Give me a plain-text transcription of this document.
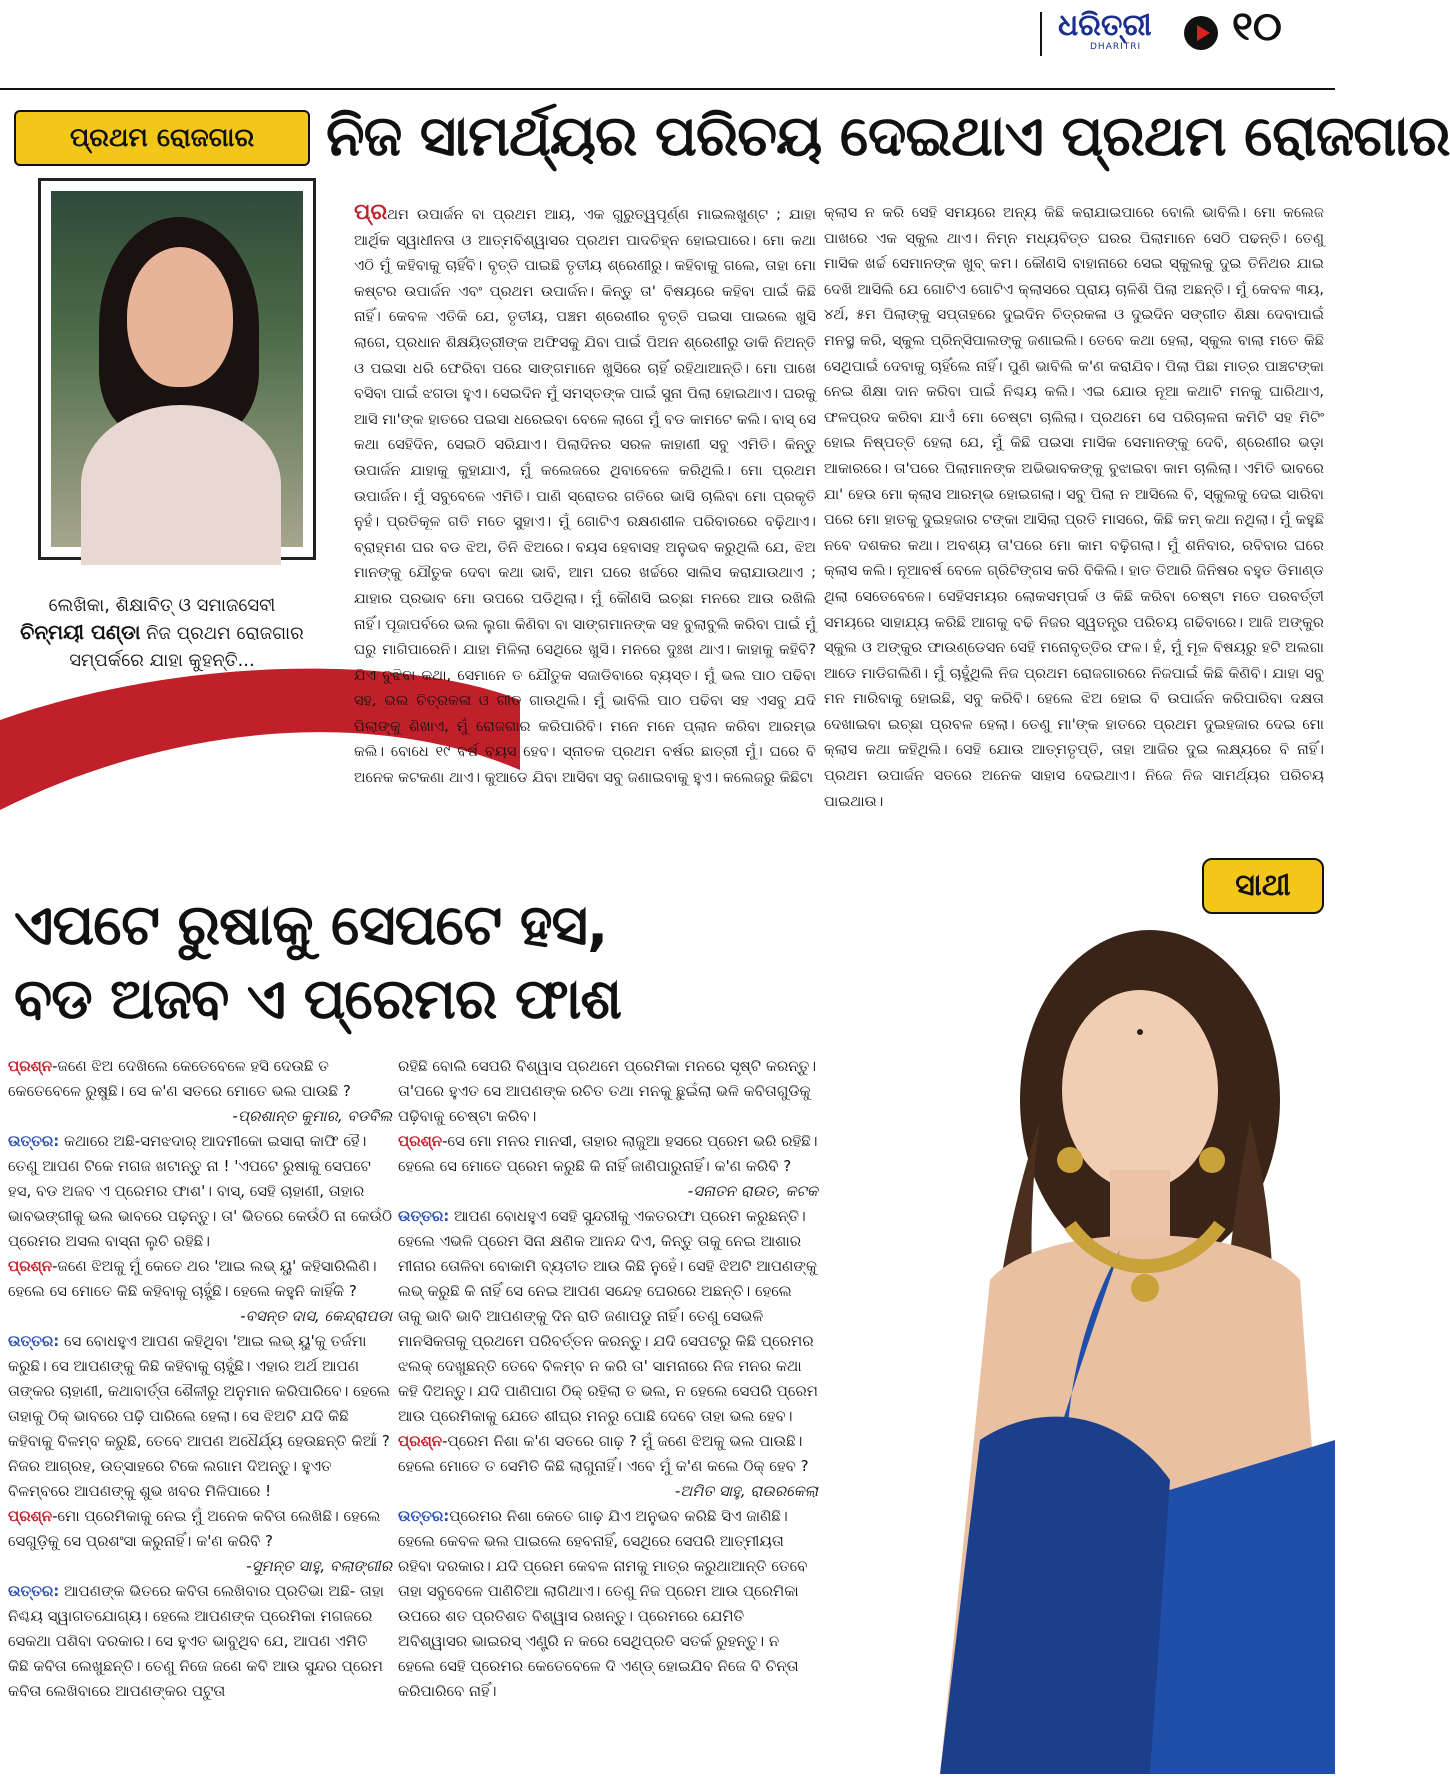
ଛୁ ଟି ଦି ନ	ଧରିତ୍ରୀ
DHARITRI ୧୦
ପ୍ରଥମ ରୋଜଗାର	ନିଜ ସାମର୍ଥ୍ୟର ପରିଚୟ ଦେଇଥାଏ ପ୍ରଥମ ରୋଜଗାର
ଲେଖିକା, ଶିକ୍ଷାବିତ୍ ଓ ସମାଜସେବୀ
ଚିନ୍ମୟୀ ପଣ୍ଡା ନିଜ ପ୍ରଥମ ରୋଜଗାର ସମ୍ପର୍କରେ ଯାହା କୁହନ୍ତି...
ପ୍ରଥମ ଉପାର୍ଜନ ବା ପ୍ରଥମ ଆୟ, ଏକ ଗୁରୁତ୍ୱପୂର୍ଣ୍ଣ ମାଇଲଖୁଣ୍ଟ ; ଯାହା ଆର୍ଥିକ ସ୍ୱାଧୀନତା ଓ ଆତ୍ମବିଶ୍ୱାସର ପ୍ରଥମ ପାଦଚିହ୍ନ ହୋଇପାରେ। ମୋ କଥା ଏଠି ମୁଁ କହିବାକୁ ଚାହିଁବି। ବୃତ୍ତି ପାଇଛି ତୃତୀୟ ଶ୍ରେଣୀରୁ। କହିବାକୁ ଗଲେ, ତାହା ମୋ କଷ୍ଟର ଉପାର୍ଜନ ଏବଂ ପ୍ରଥମ ଉପାର୍ଜନ। କିନ୍ତୁ ତା' ବିଷୟରେ କହିବା ପାଇଁ କିଛି ନାହିଁ। କେବଳ ଏତିକି ଯେ, ତୃତୀୟ, ପଞ୍ଚମ ଶ୍ରେଣୀର ବୃତ୍ତି ପଇସା ପାଇଲେ ଖୁସି ଲାଗେ, ପ୍ରଧାନ ଶିକ୍ଷୟିତ୍ରୀଙ୍କ ଅଫିସକୁ ଯିବା ପାଇଁ ପିଅନ ଶ୍ରେଣୀରୁ ଡାକି ନିଅନ୍ତି ଓ ପଇସା ଧରି ଫେରିବା ପରେ ସାଙ୍ଗମାନେ ଖୁସିରେ ଚାହିଁ ରହିଥାଆନ୍ତି। ମୋ ପାଖେ ବସିବା ପାଇଁ ଝଗଡା ହୁଏ। ସେଇଦିନ ମୁଁ ସମସ୍ତଙ୍କ ପାଇଁ ସୁନା ପିଲା ହୋଇଥାଏ। ଘରକୁ ଆସି ମା'ଙ୍କ ହାତରେ ପଇସା ଧରେଇବା ବେଳେ ଲାଗେ ମୁଁ ବଡ କାମଟେ କଲି। ବାସ୍ ସେ କଥା ସେହିଦିନ, ସେଇଠି ସରିଯାଏ। ପିଲାଦିନର ସରଳ କାହାଣୀ ସବୁ ଏମିତି। କିନ୍ତୁ ଉପାର୍ଜନ ଯାହାକୁ କୁହାଯାଏ, ମୁଁ କଲେଜରେ ଥିବାବେଳେ କରିଥିଲି। ମୋ ପ୍ରଥମ ଉପାର୍ଜନ। ମୁଁ ସବୁବେଳେ ଏମିତି। ପାଣି ସ୍ରୋତର ଗତିରେ ଭାସି ଚାଲିବା ମୋ ପ୍ରକୃତି ନୁହଁ। ପ୍ରତିକୂଳ ଗତି ମତେ ସୁହାଏ। ମୁଁ ଗୋଟିଏ ରକ୍ଷଣଶୀଳ ପରିବାରରେ ବଢ଼ିଥାଏ। ବ୍ରାହ୍ମଣ ଘର ବଡ ଝିଅ, ତିନି ଝିଅରେ। ବୟସ ହେବାସହ ଅନୁଭବ କରୁଥିଲି ଯେ, ଝିଅ ମାନଙ୍କୁ ଯୌତୁକ ଦେବା କଥା ଭାବି, ଆମ ଘରେ ଖର୍ଚ୍ଚରେ ସାଲିସ କରାଯାଉଥାଏ ; ଯାହାର ପ୍ରଭାବ ମୋ ଉପରେ ପଡିଥିଲା। ମୁଁ କୌଣସି ଇଚ୍ଛା ମନରେ ଆଉ ରଖିଲି ନାହିଁ। ପୂଜାପର୍ବରେ ଭଲ ଲୁଗା କିଣିବା ବା ସାଙ୍ଗମାନଙ୍କ ସହ ବୁଲାବୁଲି କରିବା ପାଇଁ ମୁଁ ଘରୁ ମାଗିପାରେନି। ଯାହା ମିଳିଲା ସେଥିରେ ଖୁସି। ମନରେ ଦୁଃଖ ଥାଏ। କାହାକୁ କହିବି? ଯିଏ ବୁଝିବା କଥା, ସେମାନେ ତ ଯୌତୁକ ସଜାଡିବାରେ ବ୍ୟସ୍ତ। ମୁଁ ଭଲ ପାଠ ପଢିବା ସହ, ଭଲ ଚିତ୍ରକଳା ଓ ଗୀତ ଗାଉଥିଲି। ମୁଁ ଭାବିଲି ପାଠ ପଢିବା ସହ ଏସବୁ ଯଦି ପିଲାଙ୍କୁ ଶିଖାଏ, ମୁଁ ରୋଜଗାର କରିପାରିବି। ମନେ ମନେ ପ୍ଲାନ କରିବା ଆରମ୍ଭ କଲି। ବୋଧେ ୧୯ ବର୍ଷ ବୟସ ହେବ। ସ୍ନାତକ ପ୍ରଥମ ବର୍ଷର ଛାତ୍ରୀ ମୁଁ। ଘରେ ବି ଅନେକ କଟକଣା ଥାଏ। କୁଆଡେ ଯିବା ଆସିବା ସବୁ ଜଣାଇବାକୁ ହୁଏ। କଲେଜରୁ କିଛିଟା
କ୍ଲାସ ନ କରି ସେହି ସମୟରେ ଅନ୍ୟ କିଛି କରାଯାଇପାରେ ବୋଲି ଭାବିଲି। ମୋ କଲେଜ ପାଖରେ ଏକ ସ୍କୁଲ ଥାଏ। ନିମ୍ନ ମଧ୍ୟବିତ୍ତ ଘରର ପିଲାମାନେ ସେଠି ପଢନ୍ତି। ତେଣୁ ମାସିକ ଖର୍ଚ୍ଚ ସେମାନଙ୍କ ଖୁବ୍ କମ। କୌଣସି ବାହାନାରେ ସେଇ ସ୍କୁଲକୁ ଦୁଇ ତିନିଥର ଯାଇ ଦେଖି ଆସିଲି ଯେ ଗୋଟିଏ ଗୋଟିଏ କ୍ଲାସରେ ପ୍ରାୟ ଚାଳିଶି ପିଲା ଅଛନ୍ତି। ମୁଁ କେବଳ ୩ୟ, ୪ର୍ଥ, ୫ମ ପିଲାଙ୍କୁ ସପ୍ତାହରେ ଦୁଇଦିନ ଚିତ୍ରକଳା ଓ ଦୁଇଦିନ ସଙ୍ଗୀତ ଶିକ୍ଷା ଦେବାପାଇଁ ମନସ୍ଥ କରି, ସ୍କୁଲ ପ୍ରିନ୍ସିପାଲଙ୍କୁ ଜଣାଇଲି। ତେବେ କଥା ହେଲା, ସ୍କୁଲ ବାଲା ମତେ କିଛି ସେଥିପାଇଁ ଦେବାକୁ ଚାହିଁଲେ ନାହିଁ। ପୁଣି ଭାବିଲି କ'ଣ କରାଯିବ। ପିଲା ପିଛା ମାତ୍ର ପାଞ୍ଚଟଙ୍କା ନେଇ ଶିକ୍ଷା ଦାନ କରିବା ପାଇଁ ନିଶ୍ଚୟ କଲି। ଏଇ ଯୋଉ ନୂଆ କଥାଟି ମନକୁ ଘାରିଥାଏ, ଫଳପ୍ରଦ କରିବା ଯାଏଁ ମୋ ଚେଷ୍ଟା ଚାଲିଲା। ପ୍ରଥମେ ସେ ପରିଚାଳନା କମିଟି ସହ ମିଟିଂ ହୋଇ ନିଷ୍ପତ୍ତି ହେଲା ଯେ, ମୁଁ କିଛି ପଇସା ମାସିକ ସେମାନଙ୍କୁ ଦେବି, ଶ୍ରେଣୀର ଭଡ଼ା ଆକାରରେ। ତା'ପରେ ପିଲାମାନଙ୍କ ଅଭିଭାବକଙ୍କୁ ବୁଝାଇବା କାମ ଚାଲିଲା। ଏମିତି ଭାବରେ ଯା' ହେଉ ମୋ କ୍ଲାସ ଆରମ୍ଭ ହୋଇଗଲା। ସବୁ ପିଲା ନ ଆସିଲେ ବି, ସ୍କୁଲକୁ ଦେଇ ସାରିବା ପରେ ମୋ ହାତକୁ ଦୁଇହଜାର ଟଙ୍କା ଆସିଲା ପ୍ରତି ମାସରେ, କିଛି କମ୍ କଥା ନଥିଲା। ମୁଁ କହୁଛି ନବେ ଦଶକର କଥା। ଅବଶ୍ୟ ତା'ପରେ ମୋ କାମ ବଢ଼ିଗଲା। ମୁଁ ଶନିବାର, ରବିବାର ଘରେ କ୍ଲାସ କଲି। ନୂଆବର୍ଷ ବେଳେ ଗ୍ରିଟିଙ୍ଗସ କରି ବିକିଲି। ହାତ ତିଆରି ଜିନିଷର ବହୁତ ଡିମାଣ୍ଡ ଥିଲା ସେତେବେଳେ। ସେହିସମୟର ଲୋକସମ୍ପର୍କ ଓ କିଛି କରିବା ଚେଷ୍ଟା ମତେ ପରବର୍ତ୍ତୀ ସମୟରେ ସାହାଯ୍ୟ କରିଛି ଆଗକୁ ବଢି ନିଜର ସ୍ୱତନ୍ତ୍ର ପରିଚୟ ଗଢିବାରେ। ଆଜି ଅଙ୍କୁର ସ୍କୁଲ ଓ ଅଙ୍କୁର ଫାଉଣ୍ଡେସନ ସେହି ମନୋବୃତ୍ତିର ଫଳ। ହଁ, ମୁଁ ମୂଳ ବିଷୟରୁ ହଟି ଅଲଗା ଆଡେ ମାଡିଗଲିଣି। ମୁଁ ଚାହୁଁଥିଲି ନିଜ ପ୍ରଥମ ରୋଜଗାରରେ ନିଜପାଇଁ କିଛି କିଣିବି। ଯାହା ସବୁ ମନ ମାରିବାକୁ ହୋଇଛି, ସବୁ କରିବି। ହେଲେ ଝିଅ ହୋଇ ବି ଉପାର୍ଜନ କରିପାରିବା ଦକ୍ଷତା ଦେଖାଇବା ଇଚ୍ଛା ପ୍ରବଳ ହେଲା। ତେଣୁ ମା'ଙ୍କ ହାତରେ ପ୍ରଥମ ଦୁଇହଜାର ଦେଇ ମୋ କ୍ଲାସ କଥା କହିଥିଲି। ସେହି ଯୋଉ ଆତ୍ମତୃପ୍ତି, ତାହା ଆଜିର ଦୁଇ ଲକ୍ଷ୍ୟରେ ବି ନାହିଁ। ପ୍ରଥମ ଉପାର୍ଜନ ସତରେ ଅନେକ ସାହାସ ଦେଇଥାଏ। ନିଜେ ନିଜ ସାମର୍ଥ୍ୟର ପରିଚୟ ପାଇଥାଉ।
ସାଥୀ
ଏପଟେ ରୁଷାକୁ ସେପଟେ ହସ,
ବଡ ଅଜବ ଏ ପ୍ରେମର ଫାଶ

ପ୍ରଶ୍ନ-ଜଣେ ଝିଅ ଦେଖିଲେ କେତେବେଳେ ହସି ଦେଉଛି ତ କେତେବେଳେ ରୁଷୁଛି। ସେ କ'ଣ ସତରେ ମୋତେ ଭଲ ପାଉଛି ?

-ପ୍ରଶାନ୍ତ କୁମାର, ବଡବିଲ

ଉତ୍ତର: କଥାରେ ଅଛି-ସମଝଦାର୍ ଆଦମୀକୋ ଇସାରା କାଫି ହୈ। ତେଣୁ ଆପଣ ଟିକେ ମଗଜ ଖଟାନ୍ତୁ ନା ! 'ଏପଟେ ରୁଷାକୁ ସେପଟେ ହସ, ବଡ ଅଜବ ଏ ପ୍ରେମର ଫାଶ'। ବାସ୍, ସେହି ଚାହାଣୀ, ତାହାର ଭାବଭଙ୍ଗୀକୁ ଭଲ ଭାବରେ ପଢ଼ନ୍ତୁ। ତା' ଭିତରେ କେଉଁଠି ନା କେଉଁଠି ପ୍ରେମର ଅସଲ ବାସ୍ନା ଲୁଚି ରହିଛି।

ପ୍ରଶ୍ନ-ଜଣେ ଝିଅକୁ ମୁଁ କେତେ ଥର 'ଆଇ ଲଭ୍ ୟୁ' କହିସାରିଲିଣି। ହେଲେ ସେ ମୋତେ କିଛି କହିବାକୁ ଚାହୁଁଛି। ହେଲେ କହୁନି କାହିଁକି ?

-ବସନ୍ତ ଦାସ, କେନ୍ଦ୍ରାପଡା

ଉତ୍ତର: ସେ ବୋଧହୁଏ ଆପଣ କହିଥିବା 'ଆଇ ଲଭ୍ ୟୁ'କୁ ତର୍ଜମା କରୁଛି। ସେ ଆପଣଙ୍କୁ କିଛି କହିବାକୁ ଚାହୁଁଛି। ଏହାର ଅର୍ଥ ଆପଣ ତାଙ୍କର ଚାହାଣୀ, କଥାବାର୍ତ୍ତା ଶୈଳୀରୁ ଅନୁମାନ କରିପାରିବେ। ହେଲେ ତାହାକୁ ଠିକ୍ ଭାବରେ ପଢ଼ି ପାରିଲେ ହେଲା। ସେ ଝିଅଟି ଯଦି କିଛି କହିବାକୁ ବିଳମ୍ବ କରୁଛି, ତେବେ ଆପଣ ଅଧୈର୍ଯ୍ୟ ହେଉଛନ୍ତି କିଆଁ ? ନିଜର ଆଗ୍ରହ, ଉତ୍ସାହରେ ଟିକେ ଲଗାମ ଦିଅନ୍ତୁ। ହୁଏତ ବିଳମ୍ବରେ ଆପଣଙ୍କୁ ଶୁଭ ଖବର ମିଳିପାରେ !

ପ୍ରଶ୍ନ-ମୋ ପ୍ରେମିକାକୁ ନେଇ ମୁଁ ଅନେକ କବିତା ଲେଖିଛି। ହେଲେ ସେଗୁଡ଼ିକୁ ସେ ପ୍ରଶଂସା କରୁନାହିଁ। କ'ଣ କରିବି ?

-ସୁମନ୍ତ ସାହୁ, ବଲାଙ୍ଗୀର

ଉତ୍ତର: ଆପଣଙ୍କ ଭିତରେ କବିତା ଲେଖିବାର ପ୍ରତିଭା ଅଛି- ତାହା ନିଶ୍ଚୟ ସ୍ୱାଗତଯୋଗ୍ୟ। ହେଲେ ଆପଣଙ୍କ ପ୍ରେମିକା ମଗଜରେ ସେକଥା ପଶିବା ଦରକାର। ସେ ହୁଏତ ଭାବୁଥିବ ଯେ, ଆପଣ ଏମିତି କିଛି କବିତା ଲେଖୁଛନ୍ତି। ତେଣୁ ନିଜେ ଜଣେ କବି ଆଉ ସୁନ୍ଦର ପ୍ରେମ କବିତା ଲେଖିବାରେ ଆପଣଙ୍କର ପଟୁତା

ରହିଛି ବୋଲି ସେପରି ବିଶ୍ୱାସ ପ୍ରଥମେ ପ୍ରେମିକା ମନରେ ସୃଷ୍ଟି କରନ୍ତୁ। ତା'ପରେ ହୁଏତ ସେ ଆପଣଙ୍କ ରଚିତ ତଥା ମନକୁ ଛୁଇଁଲା ଭଳି କବିତାଗୁଡିକୁ ପଢ଼ିବାକୁ ଚେଷ୍ଟା କରିବ।

ପ୍ରଶ୍ନ-ସେ ମୋ ମନର ମାନସୀ, ତାହାର ଲାଜୁଆ ହସରେ ପ୍ରେମ ଭରି ରହିଛି। ହେଲେ ସେ ମୋତେ ପ୍ରେମ କରୁଛି କି ନାହିଁ ଜାଣିପାରୁନାହିଁ। କ'ଣ କରିବି ?

-ସନାତନ ରାଉତ, କଟକ

ଉତ୍ତର: ଆପଣ ବୋଧହୁଏ ସେହି ସୁନ୍ଦରୀକୁ ଏକତରଫା ପ୍ରେମ କରୁଛନ୍ତି। ହେଲେ ଏଭଳି ପ୍ରେମ ସିନା କ୍ଷଣିକ ଆନନ୍ଦ ଦିଏ, କିନ୍ତୁ ତାକୁ ନେଇ ଆଶାର ମୀନାର ତୋଳିବା ବୋକାମି ବ୍ୟତୀତ ଆଉ କିଛି ନୁହେଁ। ସେହି ଝିଅଟି ଆପଣଙ୍କୁ ଲଭ୍ କରୁଛି କି ନାହିଁ ସେ ନେଇ ଆପଣ ସନ୍ଦେହ ଘେରରେ ଅଛନ୍ତି। ହେଲେ ତାକୁ ଭାବି ଭାବି ଆପଣଙ୍କୁ ଦିନ ରାତି ଜଣାପଡୁ ନାହିଁ। ତେଣୁ ସେଭଳି ମାନସିକତାକୁ ପ୍ରଥମେ ପରିବର୍ତ୍ତନ କରନ୍ତୁ। ଯଦି ସେପଟରୁ କିଛି ପ୍ରେମର ଝଲକ୍ ଦେଖୁଛନ୍ତି ତେବେ ବିଳମ୍ବ ନ କରି ତା' ସାମନାରେ ନିଜ ମନର କଥା କହି ଦିଅନ୍ତୁ। ଯଦି ପାଣିପାଗ ଠିକ୍ ରହିଲା ତ ଭଲ, ନ ହେଲେ ସେପରି ପ୍ରେମ ଆଉ ପ୍ରେମିକାକୁ ଯେତେ ଶୀଘ୍ର ମନରୁ ପୋଛି ଦେବେ ତାହା ଭଲ ହେବ।

ପ୍ରଶ୍ନ-ପ୍ରେମ ନିଶା କ'ଣ ସତରେ ଗାଢ଼ ? ମୁଁ ଜଣେ ଝିଅକୁ ଭଲ ପାଉଛି। ହେଲେ ମୋତେ ତ ସେମିତି କିଛି ଲାଗୁନାହିଁ। ଏବେ ମୁଁ କ'ଣ କଲେ ଠିକ୍ ହେବ ?

-ଅମିତ ସାହୁ, ରାଉରକେଲା

ଉତ୍ତର:ପ୍ରେମର ନିଶା କେତେ ଗାଢ଼ ଯିଏ ଅନୁଭବ କରିଛି ସିଏ ଜାଣିଛି। ହେଲେ କେବଳ ଭଲ ପାଇଲେ ହେବନାହିଁ, ସେଥିରେ ସେପରି ଆତ୍ମୀୟତା ରହିବା ଦରକାର। ଯଦି ପ୍ରେମ କେବଳ ନାମକୁ ମାତ୍ର କରୁଥାଆନ୍ତି ତେବେ ତାହା ସବୁବେଳେ ପାଣିଚିଆ ଲାଗିଥାଏ। ତେଣୁ ନିଜ ପ୍ରେମ ଆଉ ପ୍ରେମିକା ଉପରେ ଶତ ପ୍ରତିଶତ ବିଶ୍ୱାସ ରଖନ୍ତୁ। ପ୍ରେମରେ ଯେମିତି ଅବିଶ୍ୱାସର ଭାଇରସ୍ ଏଣ୍ଟ୍ରି ନ କରେ ସେଥିପ୍ରତି ସତର୍କ ରୁହନ୍ତୁ। ନ ହେଲେ ସେହି ପ୍ରେମର କେତେବେଳେ ଦି ଏଣ୍ଡ୍ ହୋଇଯିବ ନିଜେ ବି ଚିନ୍ତା କରିପାରିବେ ନାହିଁ।
